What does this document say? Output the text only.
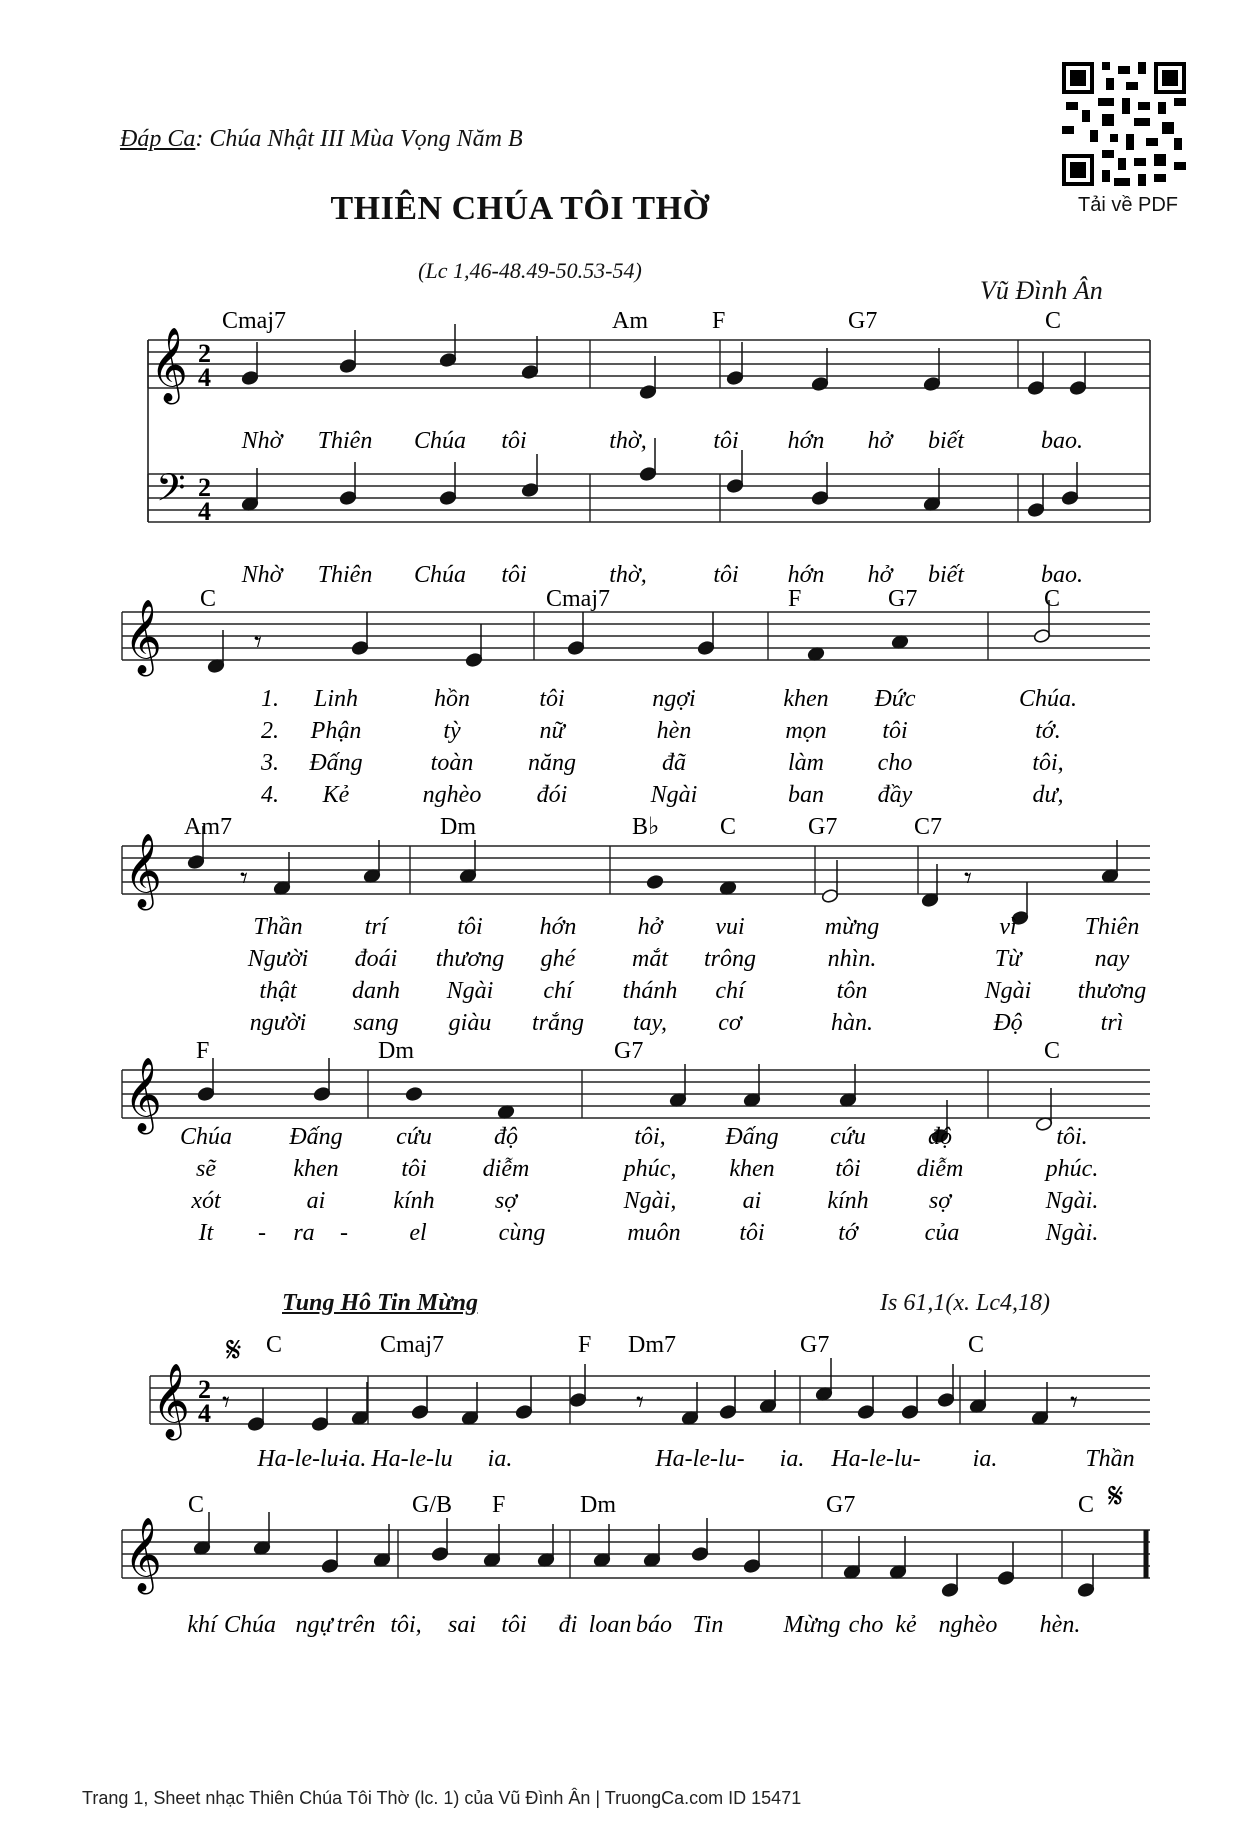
Đáp Ca: Chúa Nhật III Mùa Vọng Năm B
THIÊN CHÚA TÔI THỜ
(Lc 1,46-48.49-50.53-54)
Vũ Đình Ân
Tải về PDF
𝄞 2
4
𝄢 2
4
Cmaj7	Am	F	G7	C
Nhờ Thiên Chúa tôi	thờ,	tôi hớn hở biết	bao.
Nhờ Thiên Chúa tôi	thờ,	tôi hớn hở biết	bao.
𝄞
C	Cmaj7	F	G7	C
𝄾
1. Linh	hồn	tôi	ngợi	khen Đức	Chúa.
2. Phận	tỳ	nữ	hèn	mọn tôi	tớ.
3. Đấng	toàn năng	đã	làm cho	tôi,
4. Kẻ	nghèo đói	Ngài	ban đầy	dư,
𝄞
Am7	Dm	B♭	C	G7	C7
𝄾	𝄾
Thần	trí	tôi hớn	hở vui	mừng	vì	Thiên
Người đoái thương ghé mắt trông	nhìn.	Từ	nay
thật danh Ngài chí thánh chí	tôn	Ngài thương
người sang giàu trắng tay, cơ	hàn.	Độ	trì
𝄞
F	Dm	G7	C
Chúa Đấng cứu	độ	tôi, Đấng cứu	độ	tôi.
sẽ	khen	tôi diễm	phúc, khen	tôi diễm	phúc.
xót	ai	kính	sợ	Ngài,	ai	kính	sợ	Ngài.
It - ra -	el	cùng	muôn tôi	tớ	của	Ngài.
𝄋
𝄋
𝄞 2
4
C	Cmaj7	F Dm7	G7	C
𝄾	𝄾	𝄾
Ha-le-lu-
ia. Ha-le-lu ia.	Ha-le-lu- ia. Ha-le-lu- ia.	Thần
𝄞
C	G/B F	Dm	G7	C
khí Chúa ngự trên tôi, sai tôi đi loan báo Tin	Mừng cho kẻ nghèo hèn.
Tung Hô Tin Mừng	Is 61,1(x. Lc4,18)
Trang 1, Sheet nhạc Thiên Chúa Tôi Thờ (lc. 1) của Vũ Đình Ân | TruongCa.com ID 15471
